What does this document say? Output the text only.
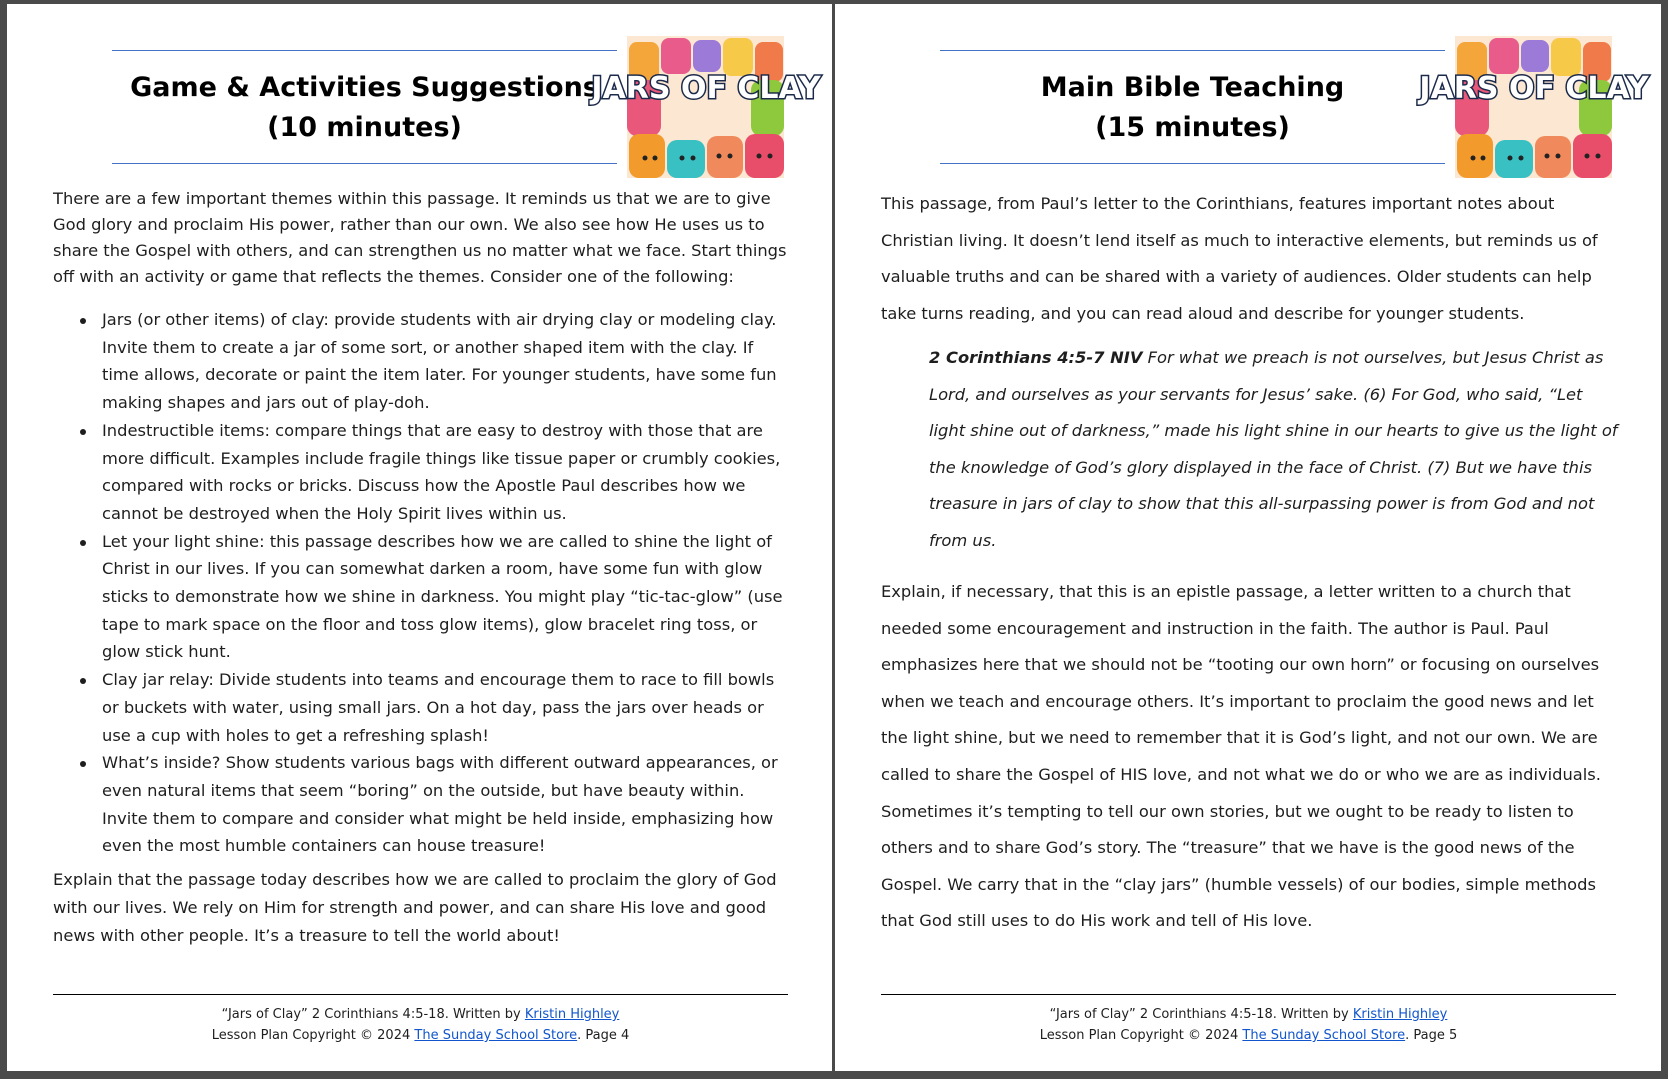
Game & Activities Suggestions
(10 minutes)
JARS OF CLAY

There are a few important themes within this passage. It reminds us that we are to give God glory and proclaim His power, rather than our own. We also see how He uses us to share the Gospel with others, and can strengthen us no matter what we face. Start things off with an activity or game that reflects the themes. Consider one of the following:

Jars (or other items) of clay: provide students with air drying clay or modeling clay. Invite them to create a jar of some sort, or another shaped item with the clay. If time allows, decorate or paint the item later. For younger students, have some fun making shapes and jars out of play-doh.
Indestructible items: compare things that are easy to destroy with those that are more difficult. Examples include fragile things like tissue paper or crumbly cookies, compared with rocks or bricks. Discuss how the Apostle Paul describes how we cannot be destroyed when the Holy Spirit lives within us.
Let your light shine: this passage describes how we are called to shine the light of Christ in our lives. If you can somewhat darken a room, have some fun with glow sticks to demonstrate how we shine in darkness. You might play “tic-tac-glow” (use tape to mark space on the floor and toss glow items), glow bracelet ring toss, or glow stick hunt.
Clay jar relay: Divide students into teams and encourage them to race to fill bowls or buckets with water, using small jars. On a hot day, pass the jars over heads or use a cup with holes to get a refreshing splash!
What’s inside? Show students various bags with different outward appearances, or even natural items that seem “boring” on the outside, but have beauty within. Invite them to compare and consider what might be held inside, emphasizing how even the most humble containers can house treasure!

Explain that the passage today describes how we are called to proclaim the glory of God with our lives. We rely on Him for strength and power, and can share His love and good news with other people. It’s a treasure to tell the world about!

“Jars of Clay” 2 Corinthians 4:5-18. Written by Kristin Highley
Lesson Plan Copyright © 2024 The Sunday School Store. Page 4
Main Bible Teaching
(15 minutes)
JARS OF CLAY

This passage, from Paul’s letter to the Corinthians, features important notes about Christian living. It doesn’t lend itself as much to interactive elements, but reminds us of valuable truths and can be shared with a variety of audiences. Older students can help take turns reading, and you can read aloud and describe for younger students.

2 Corinthians 4:5-7 NIV For what we preach is not ourselves, but Jesus Christ as Lord, and ourselves as your servants for Jesus’ sake. (6) For God, who said, “Let light shine out of darkness,” made his light shine in our hearts to give us the light of the knowledge of God’s glory displayed in the face of Christ. (7) But we have this treasure in jars of clay to show that this all-surpassing power is from God and not from us.

Explain, if necessary, that this is an epistle passage, a letter written to a church that needed some encouragement and instruction in the faith. The author is Paul. Paul emphasizes here that we should not be “tooting our own horn” or focusing on ourselves when we teach and encourage others. It’s important to proclaim the good news and let the light shine, but we need to remember that it is God’s light, and not our own. We are called to share the Gospel of HIS love, and not what we do or who we are as individuals. Sometimes it’s tempting to tell our own stories, but we ought to be ready to listen to others and to share God’s story. The “treasure” that we have is the good news of the Gospel. We carry that in the “clay jars” (humble vessels) of our bodies, simple methods that God still uses to do His work and tell of His love.

“Jars of Clay” 2 Corinthians 4:5-18. Written by Kristin Highley
Lesson Plan Copyright © 2024 The Sunday School Store. Page 5
